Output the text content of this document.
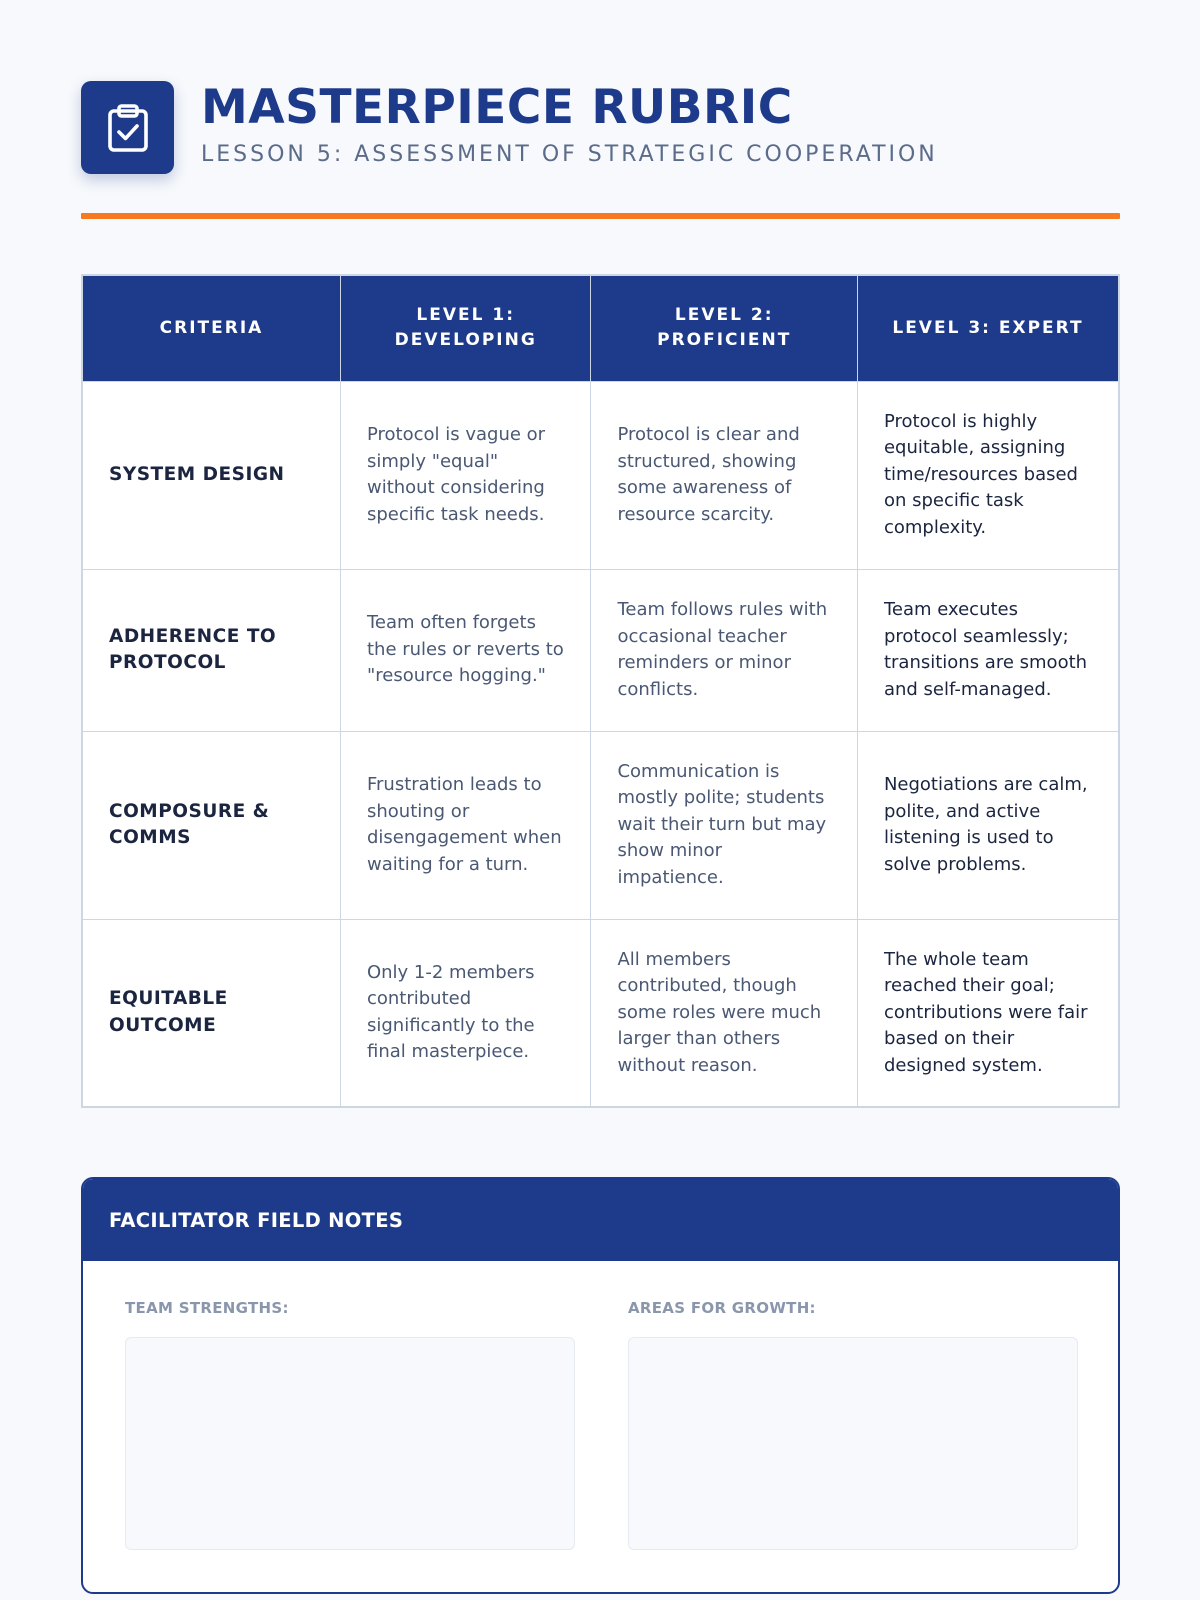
MASTERPIECE RUBRIC
LESSON 5: ASSESSMENT OF STRATEGIC COOPERATION
CRITERIA	LEVEL 1: DEVELOPING	LEVEL 2: PROFICIENT	LEVEL 3: EXPERT
SYSTEM DESIGN	Protocol is vague or simply "equal" without considering specific task needs.	Protocol is clear and structured, showing some awareness of resource scarcity.	Protocol is highly equitable, assigning time/resources based on specific task complexity.
ADHERENCE TO PROTOCOL	Team often forgets the rules or reverts to "resource hogging."	Team follows rules with occasional teacher reminders or minor conflicts.	Team executes protocol seamlessly; transitions are smooth and self-managed.
COMPOSURE & COMMS	Frustration leads to shouting or disengagement when waiting for a turn.	Communication is mostly polite; students wait their turn but may show minor impatience.	Negotiations are calm, polite, and active listening is used to solve problems.
EQUITABLE OUTCOME	Only 1-2 members contributed significantly to the final masterpiece.	All members contributed, though some roles were much larger than others without reason.	The whole team reached their goal; contributions were fair based on their designed system.
FACILITATOR FIELD NOTES
TEAM STRENGTHS:	AREAS FOR GROWTH:
